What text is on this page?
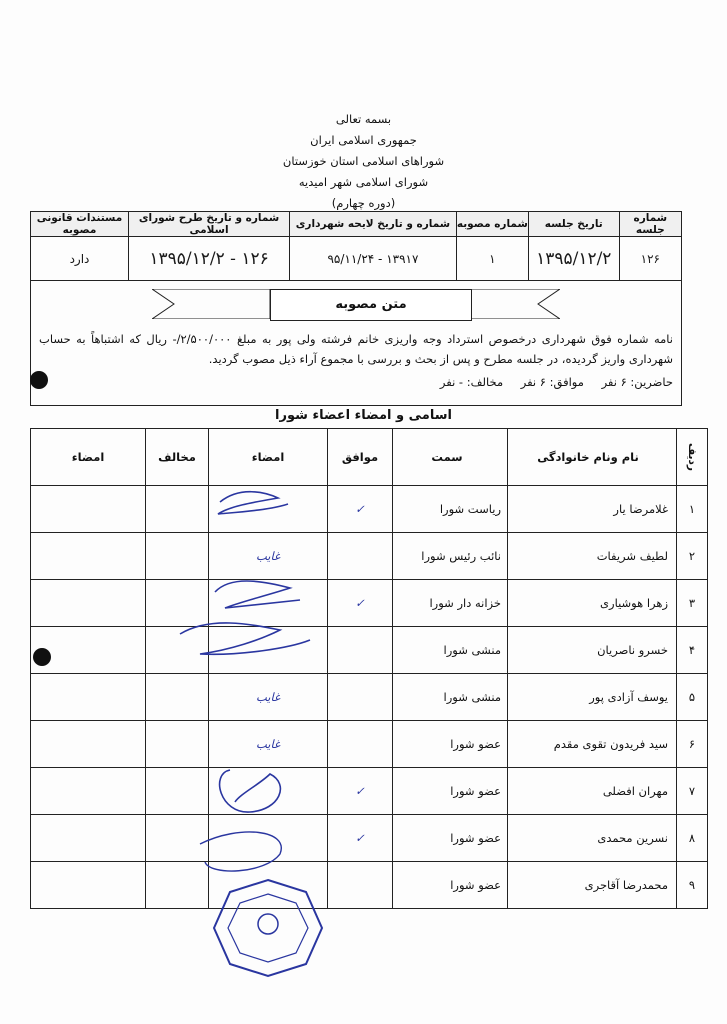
بسمه تعالی
جمهوری اسلامی ایران
شوراهای اسلامی استان خوزستان
شورای اسلامی شهر امیدیه
(دوره چهارم)
شماره جلسه	تاریخ جلسه	شماره مصوبه	شماره و تاریخ لایحه شهرداری	شماره و تاریخ طرح شورای اسلامی	مستندات قانونی مصوبه
۱۲۶	۱۳۹۵/۱۲/۲	۱	۱۳۹۱۷ - ۹۵/۱۱/۲۴	۱۲۶ - ۱۳۹۵/۱۲/۲	دارد
متن مصوبه
نامه شماره فوق شهرداری درخصوص استرداد وجه واریزی خانم فرشته ولی پور به مبلغ ۲/۵۰۰/۰۰۰/- ریال که اشتباهاً به حساب شهرداری واریز گردیده، در جلسه مطرح و پس از بحث و بررسی با مجموع آراء ذیل مصوب گردید.
حاضرین: ۶ نفر موافق: ۶ نفر مخالف: - نفر
اسامی و امضاء اعضاء شورا
ردیف	نام ونام خانوادگی	سمت	موافق	امضاء	مخالف	امضاء
۱	غلامرضا یار	ریاست شورا	✓			
۲	لطیف شریفات	نائب رئیس شورا		غایب		
۳	زهرا هوشیاری	خزانه دار شورا	✓			
۴	خسرو ناصریان	منشی شورا				
۵	یوسف آزادی پور	منشی شورا		غایب		
۶	سید فریدون تقوی مقدم	عضو شورا		غایب		
۷	مهران افضلی	عضو شورا	✓			
۸	نسرین محمدی	عضو شورا	✓			
۹	محمدرضا آقاجری	عضو شورا				
